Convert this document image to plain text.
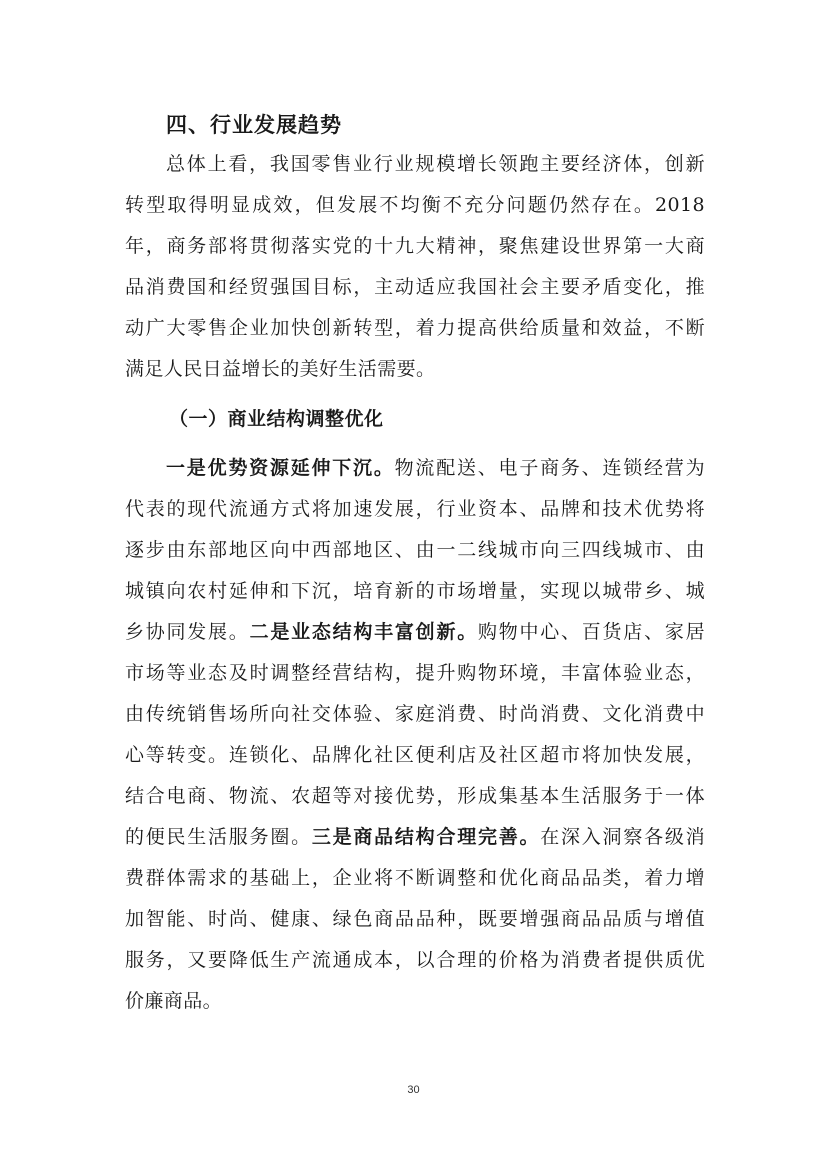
四、行业发展趋势
总体上看，我国零售业行业规模增长领跑主要经济体，创新
转型取得明显成效，但发展不均衡不充分问题仍然存在。2018
年，商务部将贯彻落实党的十九大精神，聚焦建设世界第一大商
品消费国和经贸强国目标，主动适应我国社会主要矛盾变化，推
动广大零售企业加快创新转型，着力提高供给质量和效益，不断
满足人民日益增长的美好生活需要。
（一）商业结构调整优化
一是优势资源延伸下沉。物流配送、电子商务、连锁经营为
代表的现代流通方式将加速发展，行业资本、品牌和技术优势将
逐步由东部地区向中西部地区、由一二线城市向三四线城市、由
城镇向农村延伸和下沉，培育新的市场增量，实现以城带乡、城
乡协同发展。二是业态结构丰富创新。购物中心、百货店、家居
市场等业态及时调整经营结构，提升购物环境，丰富体验业态，
由传统销售场所向社交体验、家庭消费、时尚消费、文化消费中
心等转变。连锁化、品牌化社区便利店及社区超市将加快发展，
结合电商、物流、农超等对接优势，形成集基本生活服务于一体
的便民生活服务圈。三是商品结构合理完善。在深入洞察各级消
费群体需求的基础上，企业将不断调整和优化商品品类，着力增
加智能、时尚、健康、绿色商品品种，既要增强商品品质与增值
服务，又要降低生产流通成本，以合理的价格为消费者提供质优
价廉商品。
30
